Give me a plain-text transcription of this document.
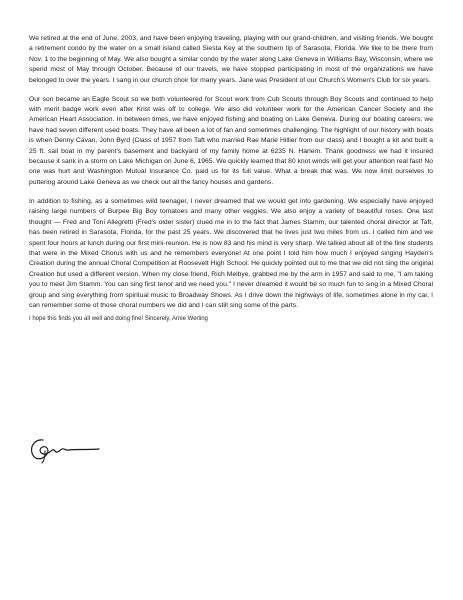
We retired at the end of June, 2003, and have been enjoying traveling, playing with our grand-children, and visiting friends. We bought a retirement condo by the water on a small island called Siesta Key at the southern tip of Sarasota, Florida. We like to be there from Nov. 1 to the beginning of May. We also bought a similar condo by the water along Lake Geneva in Williams Bay, Wisconsin, where we spend most of May through October. Because of our travels, we have stopped participating in most of the organizations we have belonged to over the years. I sang in our church choir for many years. Jane was President of our Church's Women's Club for six years.

Our son became an Eagle Scout so we both volunteered for Scout work from Cub Scouts through Boy Scouts and continued to help with merit badge work even after Krist was off to college. We also did volunteer work for the American Cancer Society and the American Heart Association. In between times, we have enjoyed fishing and boating on Lake Geneva. During our boating careers, we have had seven different used boats. They have all been a lot of fan and sometimes challenging. The highlight of our history with boats is when Denny Cavan, John Byrd (Class of 1957 from Taft who married Rae Marie Hillier from our class) and I bought a kit and built a 25 ft. sail boat in my parent's basement and backyard of my family home at 6235 N. Harlem. Thank goodness we had it insured because it sank in a storm on Lake Michigan on June 6, 1965. We quickly learned that 80 knot winds will get your attention real fast! No one was hurt and Washington Mutual Insurance Co. paid us for its full value. What a break that was. We now limit ourselves to puttering around Lake Geneva as we check out all the fancy houses and gardens.

In addition to fishing, as a sometimes wild teenager, I never dreamed that we would get into gardening. We especially have enjoyed raising large numbers of Burpee Big Boy tomatoes and many other veggies. We also enjoy a variety of beautiful roses. One last thought — Fred and Toni Allegretti (Fred's older sister) clued me in to the fact that James Stamm, our talented choral director at Taft, has been retired in Sarasota, Florida, for the past 25 years. We discovered that he lives just two miles from us. I called him and we spent four hours at lunch during our first mini-reunion. He is now 83 and his mind is very sharp. We talked about all of the fine students that were in the Mixed Chorus with us and he remembers everyone! At one point I told him how much I enjoyed singing Hayden's Creation during the annual Choral Competition at Roosevelt High School. He quickly pointed out to me that we did not sing the original Creation but used a different version. When my close friend, Rich Melbye, grabbed me by the arm in 1957 and said to me, "I am taking you to meet Jim Stamm. You can sing first tenor and we need you." I never dreamed it would be so much fun to sing in a Mixed Choral group and sing everything from spiritual music to Broadway Shows. As I drive down the highways of life, sometimes alone in my car, I can remember some of those choral numbers we did and I can still sing some of the parts.

I hope this finds you all well and doing fine! Sincerely, Arnie Werling
